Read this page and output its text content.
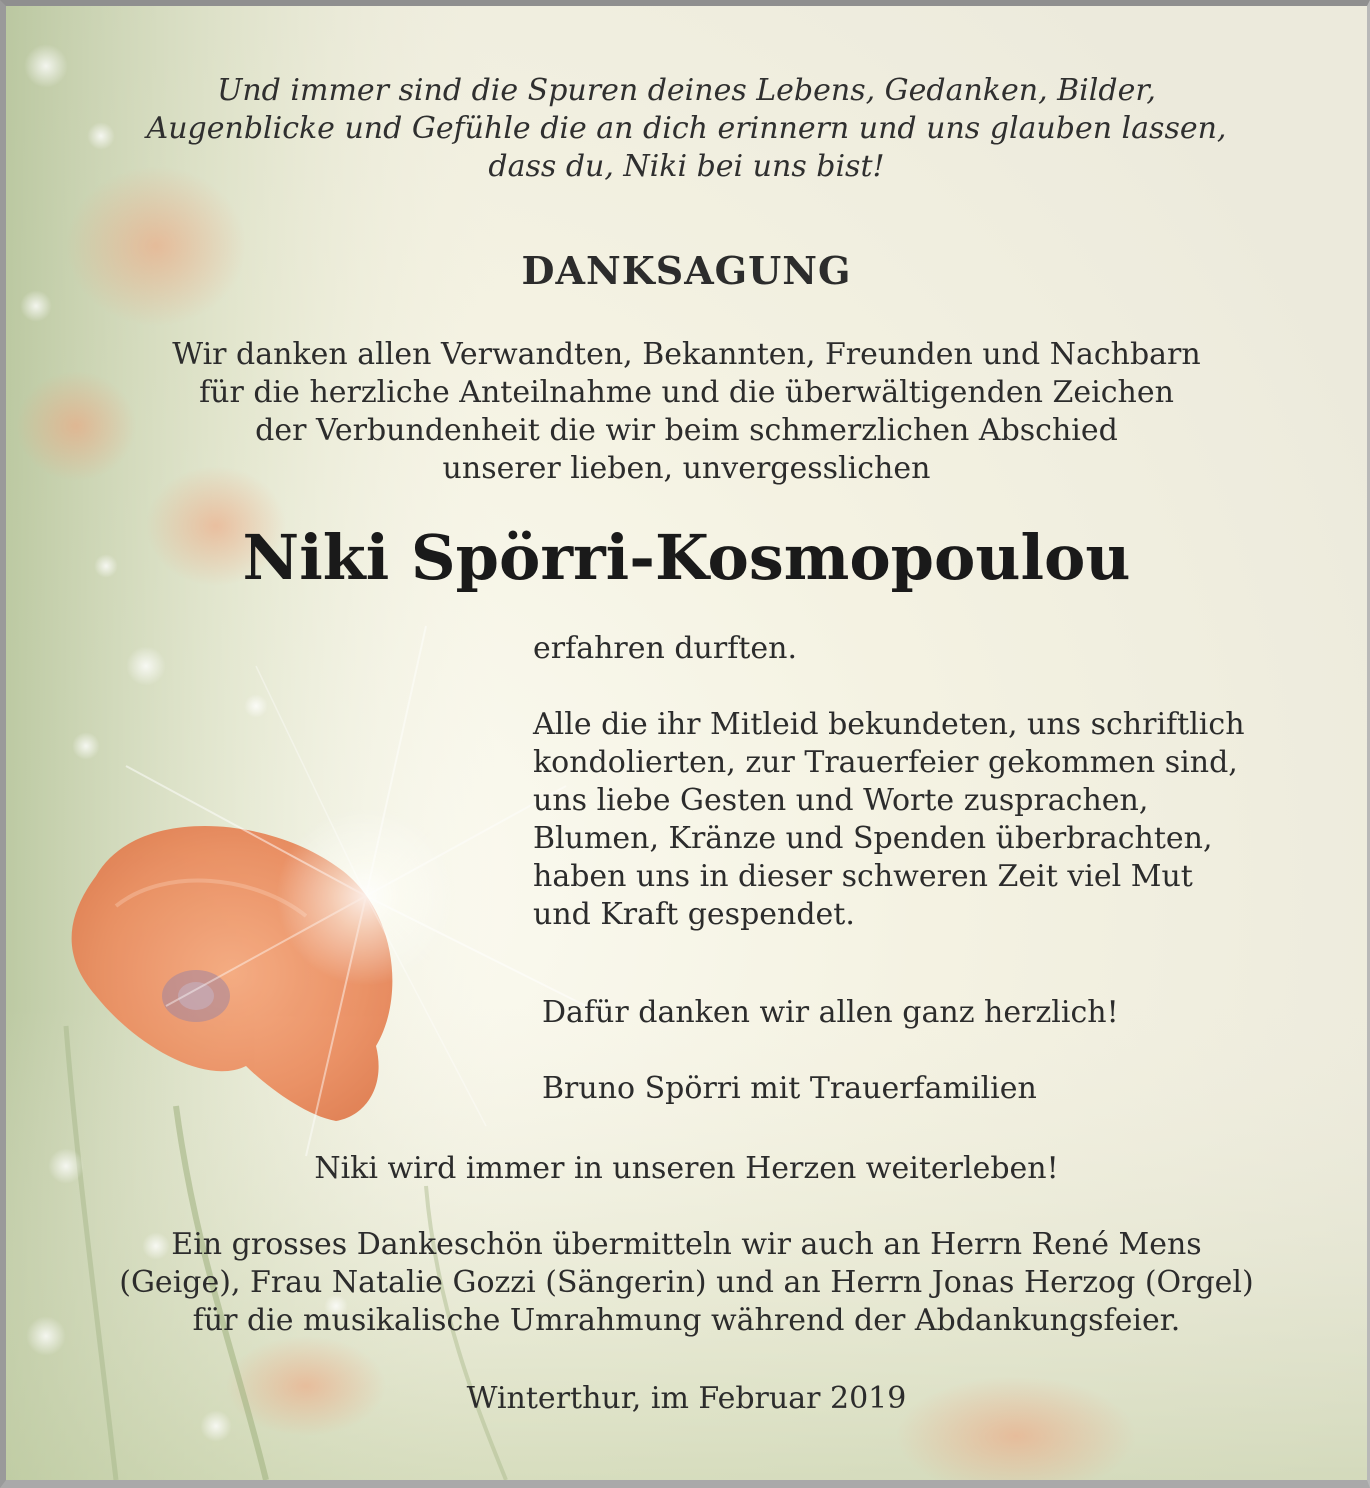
Und immer sind die Spuren deines Lebens, Gedanken, Bilder,
Augenblicke und Gefühle die an dich erinnern und uns glauben lassen,
dass du, Niki bei uns bist!

DANKSAGUNG

Wir danken allen Verwandten, Bekannten, Freunden und Nachbarn
für die herzliche Anteilnahme und die überwältigenden Zeichen
der Verbundenheit die wir beim schmerzlichen Abschied
unserer lieben, unvergesslichen

Niki Spörri-Kosmopoulou

erfahren durften.

Alle die ihr Mitleid bekundeten, uns schriftlich
kondolierten, zur Trauerfeier gekommen sind,
uns liebe Gesten und Worte zusprachen,
Blumen, Kränze und Spenden überbrachten,
haben uns in dieser schweren Zeit viel Mut
und Kraft gespendet.

Dafür danken wir allen ganz herzlich!

Bruno Spörri mit Trauerfamilien

Niki wird immer in unseren Herzen weiterleben!

Ein grosses Dankeschön übermitteln wir auch an Herrn René Mens
(Geige), Frau Natalie Gozzi (Sängerin) und an Herrn Jonas Herzog (Orgel)
für die musikalische Umrahmung während der Abdankungsfeier.

Winterthur, im Februar 2019
